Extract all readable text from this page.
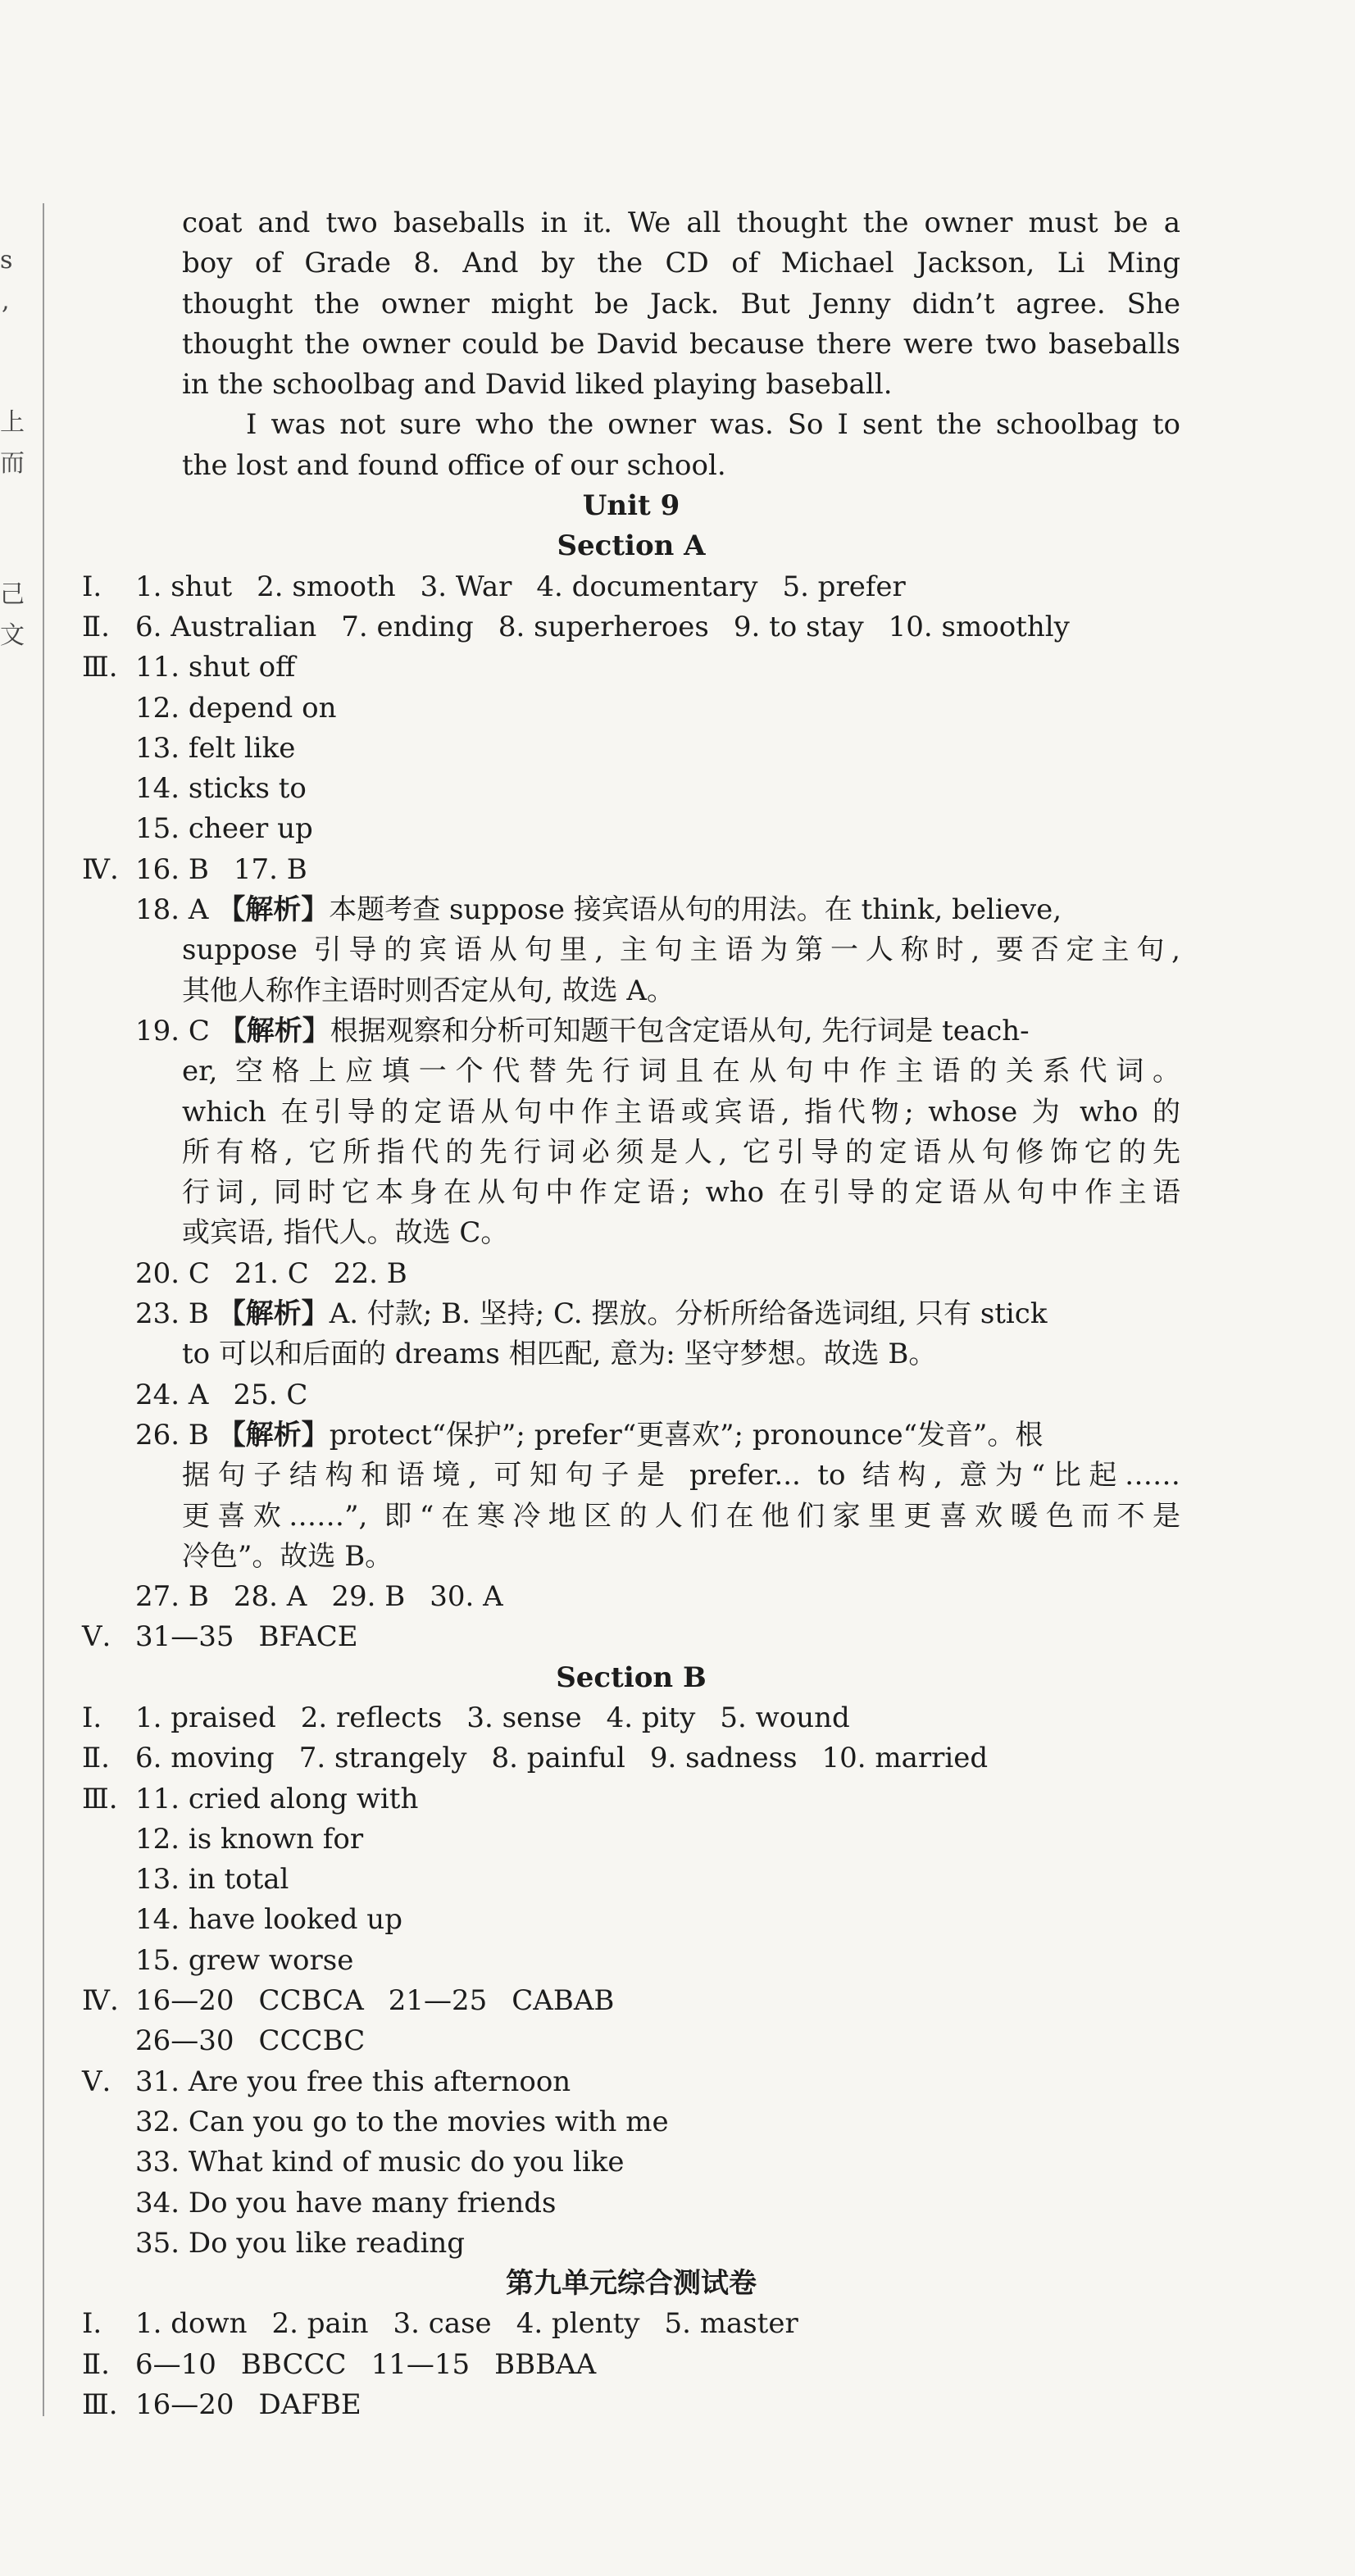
s
,
上
而
己
文
coat and two baseballs in it. We all thought the owner must be a
boy of Grade 8. And by the CD of Michael Jackson, Li Ming
thought the owner might be Jack. But Jenny didn’t agree. She
thought the owner could be David because there were two baseballs
in the schoolbag and David liked playing baseball.
I was not sure who the owner was. So I sent the schoolbag to
the lost and found office of our school.
Unit 9
Section A
Ⅰ. 1. shut 2. smooth 3. War 4. documentary 5. prefer
Ⅱ. 6. Australian 7. ending 8. superheroes 9. to stay 10. smoothly
Ⅲ. 11. shut off
12. depend on
13. felt like
14. sticks to
15. cheer up
Ⅳ. 16. B 17. B
18. A 【解析】本题考查 suppose 接宾语从句的用法。在 think, believe,
suppose 引导的宾语从句里, 主句主语为第一人称时, 要否定主句,
其他人称作主语时则否定从句, 故选 A。
19. C 【解析】根据观察和分析可知题干包含定语从句, 先行词是 teach-
er, 空格上应填一个代替先行词且在从句中作主语的关系代词。
which 在引导的定语从句中作主语或宾语, 指代物; whose 为 who 的
所有格, 它所指代的先行词必须是人, 它引导的定语从句修饰它的先
行词, 同时它本身在从句中作定语; who 在引导的定语从句中作主语
或宾语, 指代人。故选 C。
20. C 21. C 22. B
23. B 【解析】A. 付款; B. 坚持; C. 摆放。分析所给备选词组, 只有 stick
to 可以和后面的 dreams 相匹配, 意为: 坚守梦想。故选 B。
24. A 25. C
26. B 【解析】protect“保护”; prefer“更喜欢”; pronounce“发音”。根
据句子结构和语境, 可知句子是 prefer... to 结构, 意为“比起……
更喜欢……”, 即“在寒冷地区的人们在他们家里更喜欢暖色而不是
冷色”。故选 B。
27. B 28. A 29. B 30. A
Ⅴ. 31—35 BFACE
Section B
Ⅰ. 1. praised 2. reflects 3. sense 4. pity 5. wound
Ⅱ. 6. moving 7. strangely 8. painful 9. sadness 10. married
Ⅲ. 11. cried along with
12. is known for
13. in total
14. have looked up
15. grew worse
Ⅳ. 16—20 CCBCA 21—25 CABAB
26—30 CCCBC
Ⅴ. 31. Are you free this afternoon
32. Can you go to the movies with me
33. What kind of music do you like
34. Do you have many friends
35. Do you like reading
第九单元综合测试卷
Ⅰ. 1. down 2. pain 3. case 4. plenty 5. master
Ⅱ. 6—10 BBCCC 11—15 BBBAA
Ⅲ. 16—20 DAFBE
